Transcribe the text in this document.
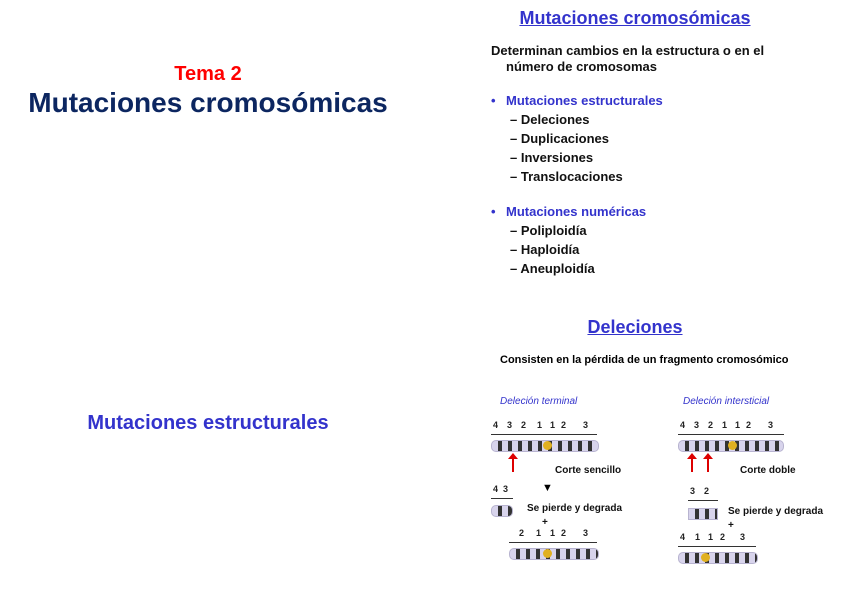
Tema 2
Mutaciones cromosómicas
Mutaciones cromosómicas
Determinan cambios en la estructura o en el
número de cromosomas
• Mutaciones estructurales
– Deleciones
– Duplicaciones
– Inversiones
– Translocaciones
• Mutaciones numéricas
– Poliploidía
– Haploidía
– Aneuploidía
Mutaciones estructurales
Deleciones
Consisten en la pérdida de un fragmento cromosómico
Deleción terminal
4 3 2 1 1 2 3
Corte sencillo
▼
4 3
Se pierde y degrada
+
2 1 1 2 3
Deleción intersticial
4 3 2 1 1 2 3
Corte doble
3 2
Se pierde y degrada
+
4 1 1 2 3
